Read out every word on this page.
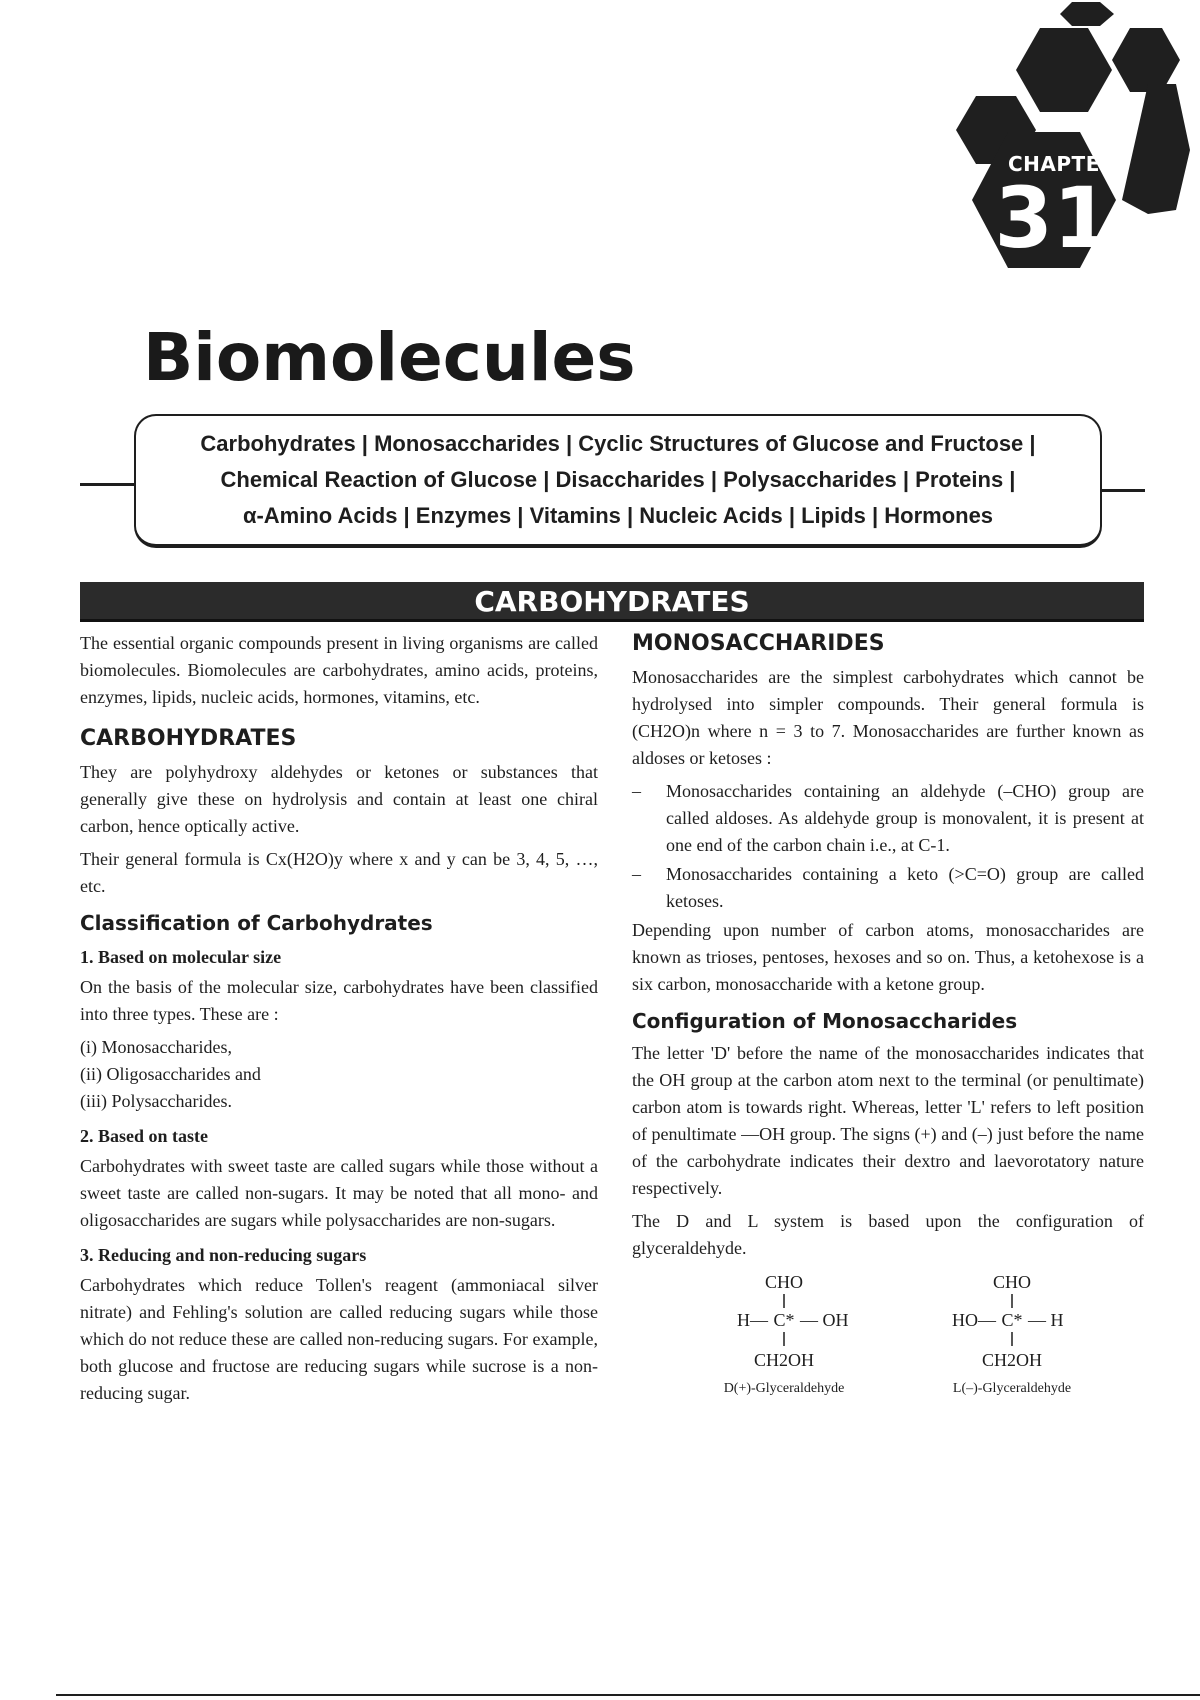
CHAPTER
31
Biomolecules
Carbohydrates | Monosaccharides | Cyclic Structures of Glucose and Fructose |
Chemical Reaction of Glucose | Disaccharides | Polysaccharides | Proteins |
α-Amino Acids | Enzymes | Vitamins | Nucleic Acids | Lipids | Hormones
CARBOHYDRATES

The essential organic compounds present in living organisms are called biomolecules. Biomolecules are carbohydrates, amino acids, proteins, enzymes, lipids, nucleic acids, hormones, vitamins, etc.

CARBOHYDRATES

They are polyhydroxy aldehydes or ketones or substances that generally give these on hydrolysis and contain at least one chiral carbon, hence optically active.

Their general formula is Cx(H2O)y where x and y can be 3, 4, 5, …, etc.

Classification of Carbohydrates
1. Based on molecular size

On the basis of the molecular size, carbohydrates have been classified into three types. These are :

(i) Monosaccharides,
(ii) Oligosaccharides and
(iii) Polysaccharides.
2. Based on taste

Carbohydrates with sweet taste are called sugars while those without a sweet taste are called non-sugars. It may be noted that all mono- and oligosaccharides are sugars while polysaccharides are non-sugars.

3. Reducing and non-reducing sugars

Carbohydrates which reduce Tollen's reagent (ammoniacal silver nitrate) and Fehling's solution are called reducing sugars while those which do not reduce these are called non-reducing sugars. For example, both glucose and fructose are reducing sugars while sucrose is a non-reducing sugar.

MONOSACCHARIDES

Monosaccharides are the simplest carbohydrates which cannot be hydrolysed into simpler compounds. Their general formula is (CH2O)n where n = 3 to 7. Monosaccharides are further known as aldoses or ketoses :

–	Monosaccharides containing an aldehyde (–CHO) group are called aldoses. As aldehyde group is monovalent, it is present at one end of the carbon chain i.e., at C-1.
–	Monosaccharides containing a keto (>C=O) group are called ketoses.

Depending upon number of carbon atoms, monosaccharides are known as trioses, pentoses, hexoses and so on. Thus, a ketohexose is a six carbon, monosaccharide with a ketone group.

Configuration of Monosaccharides

The letter 'D' before the name of the monosaccharides indicates that the OH group at the carbon atom next to the terminal (or penultimate) carbon atom is towards right. Whereas, letter 'L' refers to left position of penultimate —OH group. The signs (+) and (–) just before the name of the carbohydrate indicates their dextro and laevorotatory nature respectively.

The D and L system is based upon the configuration of glyceraldehyde.

CHO
H— C* — OH
CH2OH
D(+)-Glyceraldehyde
CHO
HO— C* — H
CH2OH
L(–)-Glyceraldehyde
